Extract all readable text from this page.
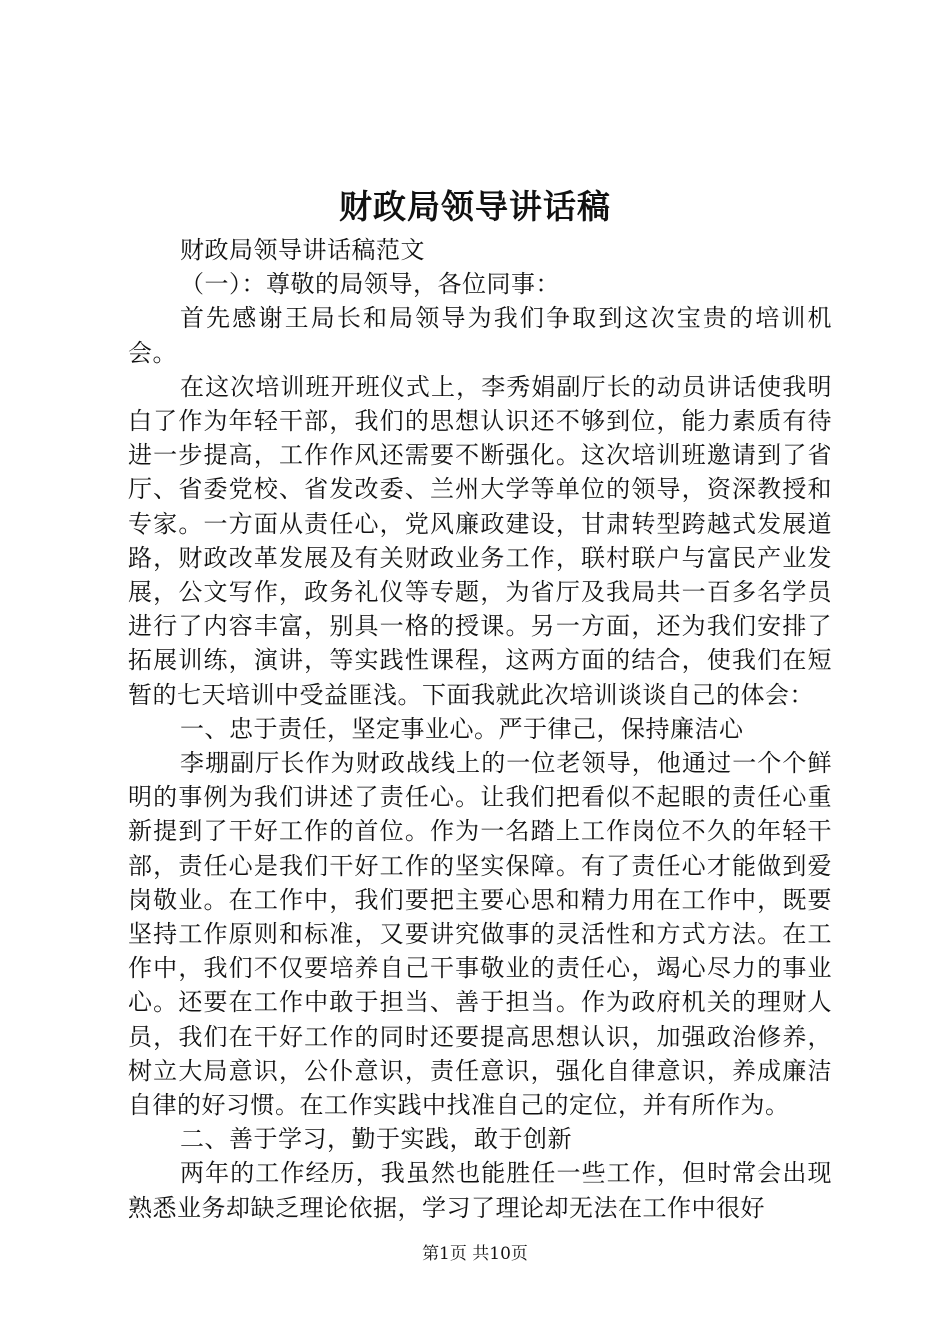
财政局领导讲话稿

财政局领导讲话稿范文

（一）：尊敬的局领导，各位同事：

首先感谢王局长和局领导为我们争取到这次宝贵的培训机会。

在这次培训班开班仪式上，李秀娟副厅长的动员讲话使我明白了作为年轻干部，我们的思想认识还不够到位，能力素质有待进一步提高，工作作风还需要不断强化。这次培训班邀请到了省厅、省委党校、省发改委、兰州大学等单位的领导，资深教授和专家。一方面从责任心，党风廉政建设，甘肃转型跨越式发展道路，财政改革发展及有关财政业务工作，联村联户与富民产业发展，公文写作，政务礼仪等专题，为省厅及我局共一百多名学员进行了内容丰富，别具一格的授课。另一方面，还为我们安排了拓展训练，演讲，等实践性课程，这两方面的结合，使我们在短暂的七天培训中受益匪浅。下面我就此次培训谈谈自己的体会：

一、忠于责任，坚定事业心。严于律己，保持廉洁心

李堋副厅长作为财政战线上的一位老领导，他通过一个个鲜明的事例为我们讲述了责任心。让我们把看似不起眼的责任心重新提到了干好工作的首位。作为一名踏上工作岗位不久的年轻干部，责任心是我们干好工作的坚实保障。有了责任心才能做到爱岗敬业。在工作中，我们要把主要心思和精力用在工作中，既要坚持工作原则和标准，又要讲究做事的灵活性和方式方法。在工作中，我们不仅要培养自己干事敬业的责任心，竭心尽力的事业心。还要在工作中敢于担当、善于担当。作为政府机关的理财人员，我们在干好工作的同时还要提高思想认识，加强政治修养，树立大局意识，公仆意识，责任意识，强化自律意识，养成廉洁自律的好习惯。在工作实践中找准自己的定位，并有所作为。

二、善于学习，勤于实践，敢于创新

两年的工作经历，我虽然也能胜任一些工作，但时常会出现熟悉业务却缺乏理论依据，学习了理论却无法在工作中很好

第1页 共10页
